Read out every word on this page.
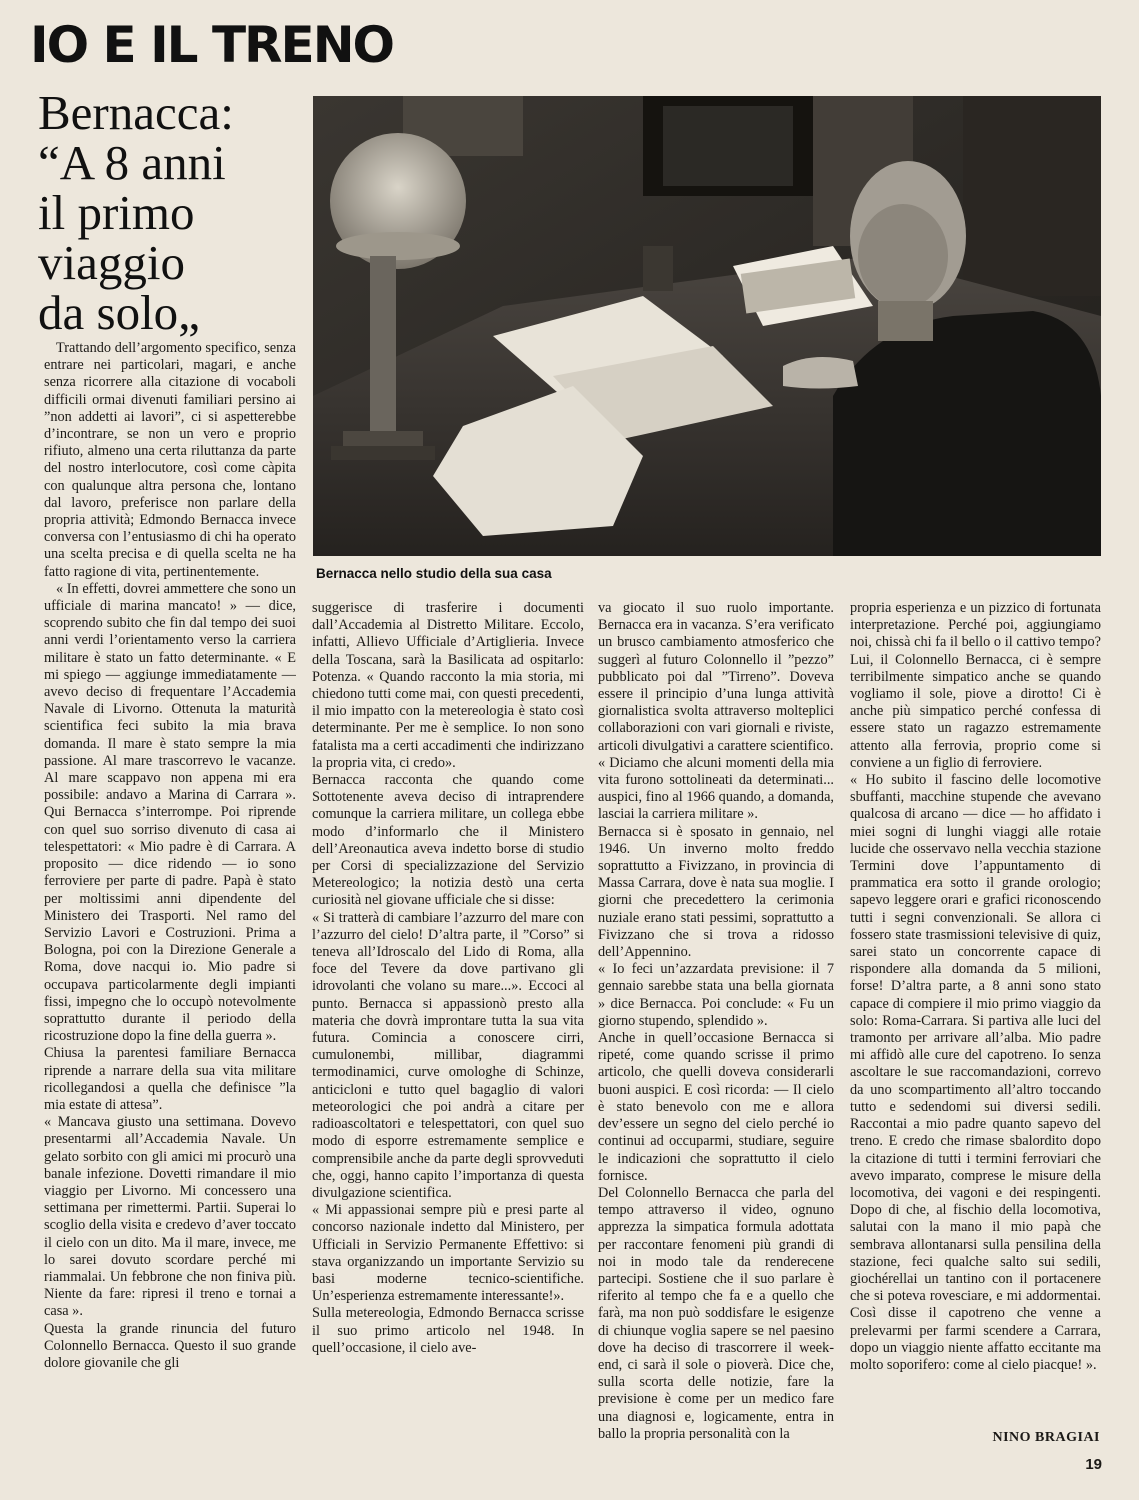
IO E IL TRENO
Bernacca:
“A 8 anni
il primo
viaggio
da solo„

Bernacca nello studio della sua casa

Trattando dell’argomento specifico, senza entrare nei particolari, magari, e anche senza ricorrere alla citazione di vocaboli difficili ormai divenuti familiari persino ai ”non addetti ai lavori”, ci si aspetterebbe d’incontrare, se non un vero e proprio rifiuto, almeno una certa riluttanza da parte del nostro interlocutore, così come càpita con qualunque altra persona che, lontano dal lavoro, preferisce non parlare della propria attività; Edmondo Bernacca invece conversa con l’entusiasmo di chi ha operato una scelta precisa e di quella scelta ne ha fatto ragione di vita, pertinentemente.

« In effetti, dovrei ammettere che sono un ufficiale di marina mancato! » — dice, scoprendo subito che fin dal tempo dei suoi anni verdi l’orientamento verso la carriera militare è stato un fatto determinante. « E mi spiego — aggiunge immediatamente — avevo deciso di frequentare l’Accademia Navale di Livorno. Ottenuta la maturità scientifica feci subito la mia brava domanda. Il mare è stato sempre la mia passione. Al mare trascorrevo le vacanze. Al mare scappavo non appena mi era possibile: andavo a Marina di Carrara ». Qui Bernacca s’interrompe. Poi riprende con quel suo sorriso divenuto di casa ai telespettatori: « Mio padre è di Carrara. A proposito — dice ridendo — io sono ferroviere per parte di padre. Papà è stato per moltissimi anni dipendente del Ministero dei Trasporti. Nel ramo del Servizio Lavori e Costruzioni. Prima a Bologna, poi con la Direzione Generale a Roma, dove nacqui io. Mio padre si occupava particolarmente degli impianti fissi, impegno che lo occupò notevolmente soprattutto durante il periodo della ricostruzione dopo la fine della guerra ».

Chiusa la parentesi familiare Bernacca riprende a narrare della sua vita militare ricollegandosi a quella che definisce ”la mia estate di attesa”.

« Mancava giusto una settimana. Dovevo presentarmi all’Accademia Navale. Un gelato sorbito con gli amici mi procurò una banale infezione. Dovetti rimandare il mio viaggio per Livorno. Mi concessero una settimana per rimettermi. Partii. Superai lo scoglio della visita e credevo d’aver toccato il cielo con un dito. Ma il mare, invece, me lo sarei dovuto scordare perché mi riammalai. Un febbrone che non finiva più. Niente da fare: ripresi il treno e tornai a casa ».

Questa la grande rinuncia del futuro Colonnello Bernacca. Questo il suo grande dolore giovanile che gli

suggerisce di trasferire i documenti dall’Accademia al Distretto Militare. Eccolo, infatti, Allievo Ufficiale d’Artiglieria. Invece della Toscana, sarà la Basilicata ad ospitarlo: Potenza. « Quando racconto la mia storia, mi chiedono tutti come mai, con questi precedenti, il mio impatto con la metereologia è stato così determinante. Per me è semplice. Io non sono fatalista ma a certi accadimenti che indirizzano la propria vita, ci credo».

Bernacca racconta che quando come Sottotenente aveva deciso di intraprendere comunque la carriera militare, un collega ebbe modo d’informarlo che il Ministero dell’Areonautica aveva indetto borse di studio per Corsi di specializzazione del Servizio Metereologico; la notizia destò una certa curiosità nel giovane ufficiale che si disse:

« Si tratterà di cambiare l’azzurro del mare con l’azzurro del cielo! D’altra parte, il ”Corso” si teneva all’Idroscalo del Lido di Roma, alla foce del Tevere da dove partivano gli idrovolanti che volano su mare...». Eccoci al punto. Bernacca si appassionò presto alla materia che dovrà improntare tutta la sua vita futura. Comincia a conoscere cirri, cumulonembi, millibar, diagrammi termodinamici, curve omologhe di Schinze, anticicloni e tutto quel bagaglio di valori meteorologici che poi andrà a citare per radioascoltatori e telespettatori, con quel suo modo di esporre estremamente semplice e comprensibile anche da parte degli sprovveduti che, oggi, hanno capito l’importanza di questa divulgazione scientifica.

« Mi appassionai sempre più e presi parte al concorso nazionale indetto dal Ministero, per Ufficiali in Servizio Permanente Effettivo: si stava organizzando un importante Servizio su basi moderne tecnico-scientifiche. Un’esperienza estremamente interessante!».

Sulla metereologia, Edmondo Bernacca scrisse il suo primo articolo nel 1948. In quell’occasione, il cielo ave-

va giocato il suo ruolo importante. Bernacca era in vacanza. S’era verificato un brusco cambiamento atmosferico che suggerì al futuro Colonnello il ”pezzo” pubblicato poi dal ”Tirreno”. Doveva essere il principio d’una lunga attività giornalistica svolta attraverso molteplici collaborazioni con vari giornali e riviste, articoli divulgativi a carattere scientifico.

« Diciamo che alcuni momenti della mia vita furono sottolineati da determinati... auspici, fino al 1966 quando, a domanda, lasciai la carriera militare ».

Bernacca si è sposato in gennaio, nel 1946. Un inverno molto freddo soprattutto a Fivizzano, in provincia di Massa Carrara, dove è nata sua moglie. I giorni che precedettero la cerimonia nuziale erano stati pessimi, soprattutto a Fivizzano che si trova a ridosso dell’Appennino.

« Io feci un’azzardata previsione: il 7 gennaio sarebbe stata una bella giornata » dice Bernacca. Poi conclude: « Fu un giorno stupendo, splendido ».

Anche in quell’occasione Bernacca si ripeté, come quando scrisse il primo articolo, che quelli doveva considerarli buoni auspici. E così ricorda: — Il cielo è stato benevolo con me e allora dev’essere un segno del cielo perché io continui ad occuparmi, studiare, seguire le indicazioni che soprattutto il cielo fornisce.

Del Colonnello Bernacca che parla del tempo attraverso il video, ognuno apprezza la simpatica formula adottata per raccontare fenomeni più grandi di noi in modo tale da renderecene partecipi. Sostiene che il suo parlare è riferito al tempo che fa e a quello che farà, ma non può soddisfare le esigenze di chiunque voglia sapere se nel paesino dove ha deciso di trascorrere il week-end, ci sarà il sole o pioverà. Dice che, sulla scorta delle notizie, fare la previsione è come per un medico fare una diagnosi e, logicamente, entra in ballo la propria personalità con la

propria esperienza e un pizzico di fortunata interpretazione. Perché poi, aggiungiamo noi, chissà chi fa il bello o il cattivo tempo? Lui, il Colonnello Bernacca, ci è sempre terribilmente simpatico anche se quando vogliamo il sole, piove a dirotto! Ci è anche più simpatico perché confessa di essere stato un ragazzo estremamente attento alla ferrovia, proprio come si conviene a un figlio di ferroviere.

« Ho subito il fascino delle locomotive sbuffanti, macchine stupende che avevano qualcosa di arcano — dice — ho affidato i miei sogni di lunghi viaggi alle rotaie lucide che osservavo nella vecchia stazione Termini dove l’appuntamento di prammatica era sotto il grande orologio; sapevo leggere orari e grafici riconoscendo tutti i segni convenzionali. Se allora ci fossero state trasmissioni televisive di quiz, sarei stato un concorrente capace di rispondere alla domanda da 5 milioni, forse! D’altra parte, a 8 anni sono stato capace di compiere il mio primo viaggio da solo: Roma-Carrara. Si partiva alle luci del tramonto per arrivare all’alba. Mio padre mi affidò alle cure del capotreno. Io senza ascoltare le sue raccomandazioni, correvo da uno scompartimento all’altro toccando tutto e sedendomi sui diversi sedili. Raccontai a mio padre quanto sapevo del treno. E credo che rimase sbalordito dopo la citazione di tutti i termini ferroviari che avevo imparato, comprese le misure della locomotiva, dei vagoni e dei respingenti. Dopo di che, al fischio della locomotiva, salutai con la mano il mio papà che sembrava allontanarsi sulla pensilina della stazione, feci qualche salto sui sedili, giochérellai un tantino con il portacenere che si poteva rovesciare, e mi addormentai. Così disse il capotreno che venne a prelevarmi per farmi scendere a Carrara, dopo un viaggio niente affatto eccitante ma molto soporifero: come al cielo piacque! ».

NINO BRAGIAI
19
